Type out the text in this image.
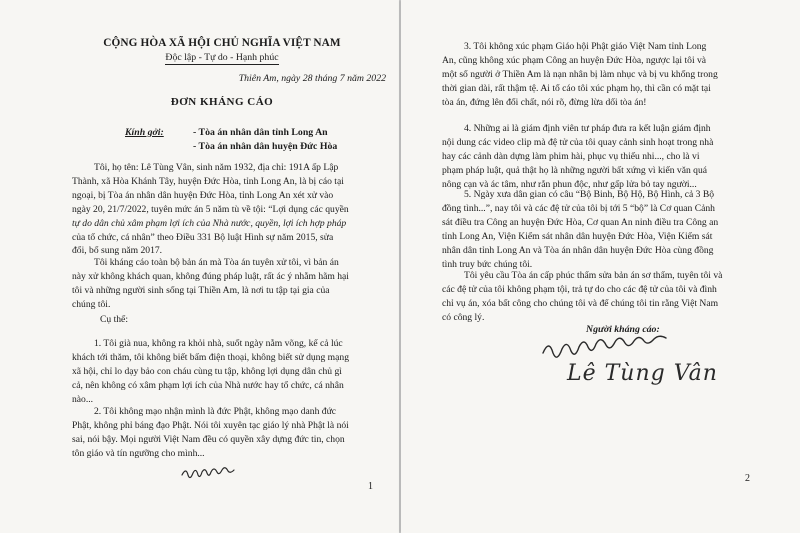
CỘNG HÒA XÃ HỘI CHỦ NGHĨA VIỆT NAM
Độc lập - Tự do - Hạnh phúc
Thiên Am, ngày 28 tháng 7 năm 2022
ĐƠN KHÁNG CÁO
Kính gởi:	- Tòa án nhân dân tỉnh Long An
- Tòa án nhân dân huyện Đức Hòa
Tôi, họ tên: Lê Tùng Vân, sinh năm 1932, địa chỉ: 191A ấp Lập
Thành, xã Hòa Khánh Tây, huyện Đức Hòa, tỉnh Long An, là bị cáo tại
ngoại, bị Tòa án nhân dân huyện Đức Hòa, tỉnh Long An xét xử vào
ngày 20, 21/7/2022, tuyên mức án 5 năm tù về tội: “Lợi dụng các quyền
tự do dân chủ xâm phạm lợi ích của Nhà nước, quyền, lợi ích hợp pháp
của tổ chức, cá nhân” theo Điều 331 Bộ luật Hình sự năm 2015, sửa
đổi, bổ sung năm 2017.
Tôi kháng cáo toàn bộ bản án mà Tòa án tuyên xử tôi, vì bản án
này xử không khách quan, không đúng pháp luật, rất ác ý nhằm hãm hại
tôi và những người sinh sống tại Thiền Am, là nơi tu tập tại gia của
chúng tôi.
Cụ thể:
1. Tôi già nua, không ra khỏi nhà, suốt ngày nằm võng, kể cả lúc
khách tới thăm, tôi không biết bấm điện thoại, không biết sử dụng mạng
xã hội, chỉ lo dạy bảo con cháu cùng tu tập, không lợi dụng dân chủ gì
cả, nên không có xâm phạm lợi ích của Nhà nước hay tổ chức, cá nhân
nào...
2. Tôi không mạo nhận mình là đức Phật, không mạo danh đức
Phật, không phỉ báng đạo Phật. Nói tôi xuyên tạc giáo lý nhà Phật là nói
sai, nói bậy. Mọi người Việt Nam đều có quyền xây dựng đức tin, chọn
tôn giáo và tín ngưỡng cho mình...
1
3. Tôi không xúc phạm Giáo hội Phật giáo Việt Nam tỉnh Long
An, cũng không xúc phạm Công an huyện Đức Hòa, ngược lại tôi và
một số người ở Thiền Am là nạn nhân bị làm nhục và bị vu khống trong
thời gian dài, rất thậm tệ. Ai tố cáo tôi xúc phạm họ, thì cần có mặt tại
tòa án, đứng lên đối chất, nói rõ, đừng lừa dối tòa án!
4. Những ai là giám định viên tư pháp đưa ra kết luận giám định
nội dung các video clip mà đệ tử của tôi quay cảnh sinh hoạt trong nhà
hay các cảnh dàn dựng làm phim hài, phục vụ thiếu nhi..., cho là vi
phạm pháp luật, quả thật họ là những người bất xứng vì kiến văn quá
nông cạn và ác tâm, như rắn phun độc, như gấp lửa bỏ tay người...
5. Ngày xưa dân gian có câu “Bộ Binh, Bộ Hộ, Bộ Hình, cả 3 Bộ
đồng tình...”, nay tôi và các đệ tử của tôi bị tới 5 “bộ” là Cơ quan Cảnh
sát điều tra Công an huyện Đức Hòa, Cơ quan An ninh điều tra Công an
tỉnh Long An, Viện Kiểm sát nhân dân huyện Đức Hòa, Viện Kiểm sát
nhân dân tỉnh Long An và Tòa án nhân dân huyện Đức Hòa cùng đồng
tình truy bức chúng tôi.
Tôi yêu cầu Tòa án cấp phúc thẩm sửa bản án sơ thẩm, tuyên tôi và
các đệ tử của tôi không phạm tội, trả tự do cho các đệ tử của tôi và đình
chỉ vụ án, xóa bất công cho chúng tôi và để chúng tôi tin rằng Việt Nam
có công lý.
Người kháng cáo:
Lê Tùng Vân
2
